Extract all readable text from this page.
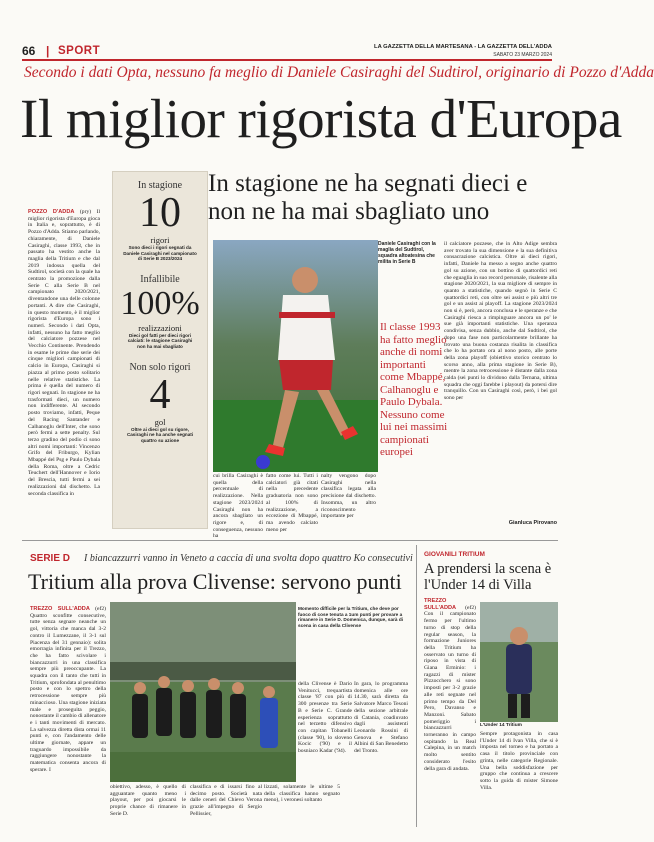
66 | SPORT	LA GAZZETTA DELLA MARTESANA - LA GAZZETTA DELL'ADDA
SABATO 23 MARZO 2024
Secondo i dati Opta, nessuno fa meglio di Daniele Casiraghi del Sudtirol, originario di Pozzo d'Adda
Il miglior rigorista d'Europa
POZZO D'ADDA (pry) Il miglior rigorista d'Europa gioca in Italia e, soprattutto, è di Pozzo d'Adda. Stiamo parlando, chiaramente, di Daniele Casiraghi, classe 1993, che in passato ha vestito anche la maglia della Tritium e che dal 2019 indossa quella del Sudtirol, società con la quale ha centrato la promozione dalla Serie C alla Serie B nel campionato 2020/2021, diventandone una delle colonne portanti. A dire che Casiraghi, in questo momento, è il miglior rigorista d'Europa sono i numeri. Secondo i dati Opta, infatti, nessuno ha fatto meglio del calciatore pozzese nel Vecchio Continente. Prendendo in esame le prime due serie dei cinque migliori campionati di calcio in Europa, Casiraghi si piazza al primo posto solitario nelle relative statistiche. La prima è quella del numero di rigori segnati. In stagione ne ha trasformati dieci, un numero non indifferente. Al secondo posto troviamo, infatti, Peque del Racing Santander e Calhanoglu dell'Inter, che sono però fermi a sette penalty. Sul terzo gradino del podio ci sono altri nomi importanti: Vincenzo Grifo del Friburgo, Kylian Mbappé del Psg e Paulo Dybala della Roma, oltre a Cedric Teuchert dell'Hannover e Iorio del Brescia, tutti fermi a sei realizzazioni dal dischetto. La seconda classifica in
In stagione
10
rigori
Sono dieci i rigori segnati da Daniele Casiraghi nel campionato di Serie B 2023/2024
Infallibile
100%
realizzazioni
Dieci gol fatti per dieci rigori calciati: le stagione Casiraghi non ha mai sbagliato
Non solo rigori
4
gol
Oltre ai dieci gol su rigore, Casiraghi ne ha anche segnati quattro su azione
In stagione ne ha segnati dieci e non ne ha mai sbagliato uno
Daniele Casiraghi con la maglia del Sudtirol, squadra altoatesina che milita in Serie B
Il classe 1993 ha fatto meglio anche di nomi importanti come Mbappé, Calhanoglu e Paulo Dybala. Nessuno come lui nei massimi campionati europei
il calciatore pozzese, che in Alto Adige sembra aver trovato la sua dimensione e la sua definitiva consacrazione calcistica. Oltre ai dieci rigori, infatti, Daniele ha messo a segno anche quattro gol su azione, con un bottino di quattordici reti che eguaglia in suo record personale, risalente alla stagione 2020/2021, la sua migliore di sempre in quanto a statistiche, quando segnò in Serie C quattordici reti, con oltre sei assist e più altri tre gol e un assist ai playoff. La stagione 2023/2024 non si è, però, ancora conclusa e le speranze e che Casiraghi riesca a rimpinguare ancora un po' le sue già importanti statistiche. Una speranza condivisa, senza dubbio, anche dal Sudtirol, che dopo una fase non particolarmente brillante ha trovato una buona costanza risalita in classifica che lo ha portato ora al nono posto, alle porte della zona playoff (obiettivo storico centrato lo scorso anno, alla prima stagione in Serie B), mentre la zona retrocessione è distante dalla zona calda (sei punti lo dividono dalla Ternana, ultima squadra che oggi farebbe i playout) da potersi dire tranquillo. Con un Casiraghi così, però, i bei gol sono per
Gianluca Pirovano
cui brilla Casiraghi è quella della percentuale di realizzazione. Nella stagione 2023/2024 Casiraghi non ha ancora sbagliato un rigore e, di conseguenza, nessuno ha
fatto come lui. Tutti i calciatori già citati nella precedente graduatoria non sono al 100% di realizzazione, a eccezione di Mbappé, ma avendo calciato meno per
nalty vengono dopo Casiraghi nella classifica legata alla precisione dal dischetto. Insomma, un altro riconoscimento importante per
SERIE D I biancazzurri vanno in Veneto a caccia di una svolta dopo quattro Ko consecutivi
Tritium alla prova Clivense: servono punti
TREZZO SULL'ADDA (ef2) Quattro sconfitte consecutive, tutte senza segnare neanche un gol, vittoria che manca dal 3-2 contro il Lumezzane, il 3-1 sul Piacenza del 31 gennaio): solita emorragia infinita per il Trezzo, che ha fatto scivolare i biancazzurri in una classifica sempre più preoccupante. La squadra con il tanto che tutti in Tritium, sprofondata al penultimo posto e con lo spettro della retrocessione sempre più minaccioso. Una stagione iniziata male e proseguita peggio, nonostante il cambio di allenatore e i tanti movimenti di mercato. La salvezza diretta dista ormai 11 punti e, con l'andamento delle ultime giornate, appare un traguardo impossibile da raggiungere nonostante la matematica consenta ancora di sperare. I
Momento difficile per la Tritium, che deve por fuoco di cose tenuta a 1um punti per provare a rimanere in Serie D. Domenica, dunque, sarà di scena in casa della Clivense
obiettivo, adesso, è quello di agguantare quanto meno i playout, per poi giocarsi le proprie chance di rimanere in Serie D.
classifica e di issarsi fino al decimo posto. Società nata dalle ceneri del Chievo Verona grazie all'impegno di Sergio Pellissier,
lizzati, solamente le ultime 5 della classifica hanno segnato meno), i veronesi soltanto
della Clivense è Dario Venitucci, trequartista classe '87 con più di 300 presenze tra Serie B e Serie C. Grande esperienza soprattutto nel terzetto difensivo con capitan Tobanelli (classe '90), lo sloveno Kocic ('90) e il bosniaco Kadar ('94).
In gara, lo programma domenica alle ore 14.30, sarà diretta da Salvatore Marco Tesoni della sezione arbitrale di Catania, coadiuvato dagli assistenti Leonardo Rossini di Genova e Stefano Albini di San Benedetto del Tronto.
GIOVANILI TRITIUM
A prendersi la scena è l'Under 14 di Villa
TREZZO SULL'ADDA (ef2) Con il campionato fermo per l'ultimo turno di stop della regular season, la formazione Juniores della Tritium ha osservato un turno di riposo in vista di Giana Erminio: i ragazzi di mister Pizzocchero si sono imposti per 3-2 grazie alle reti segnate nel primo tempo da Del Pero, Davanso e Manzoni. Sabato pomeriggio i biancazzurri torneranno in campo ospitando la Real Calepina, in un match molto sentito considerato l'esito della gara di andata.
L'Under 14 Tritium
Sempre protagonista in casa l'Under 14 di Ivan Villa, che si è imposta nel torneo e ha portato a casa il titolo provinciale con grinta, nelle categorie Regionale. Una bella soddisfazione per gruppo che continua a crescere sotto la guida di mister Simone Villa.
